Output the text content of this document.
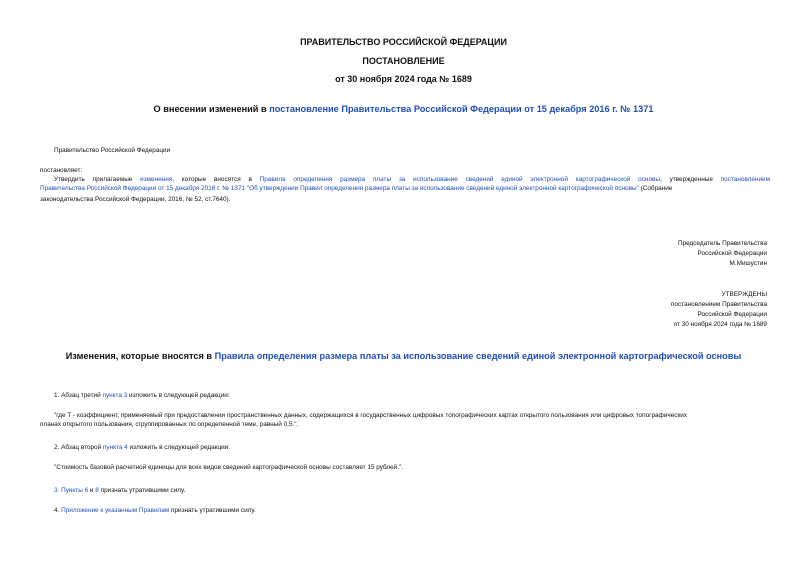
ПРАВИТЕЛЬСТВО РОССИЙСКОЙ ФЕДЕРАЦИИ
ПОСТАНОВЛЕНИЕ
от 30 ноября 2024 года № 1689
О внесении изменений в постановление Правительства Российской Федерации от 15 декабря 2016 г. № 1371
Правительство Российской Федерации
постановляет:
Утвердить прилагаемые изменения, которые вносятся в Правила определения размера платы за использование сведений единой электронной картографической основы, утвержденные постановлением
Правительства Российской Федерации от 15 декабря 2016 г. № 1371 "Об утверждении Правил определения размера платы за использование сведений единой электронной картографической основы" (Собрание
законодательства Российской Федерации, 2016, № 52, ст.7640).
Председатель Правительства
Российской Федерации
М.Мишустин
УТВЕРЖДЕНЫ
постановлением Правительства
Российской Федерации
от 30 ноября 2024 года № 1689
Изменения, которые вносятся в Правила определения размера платы за использование сведений единой электронной картографической основы
1. Абзац третий пункта 3 изложить в следующей редакции:
"где Т - коэффициент, применяемый при предоставлении пространственных данных, содержащихся в государственных цифровых топографических картах открытого пользования или цифровых топографических
планах открытого пользования, сгруппированных по определенной теме, равный 0,5.".
2. Абзац второй пункта 4 изложить в следующей редакции:
"Стоимость базовой расчетной единицы для всех видов сведений картографической основы составляет 15 рублей.".
3. Пункты 6 и 8 признать утратившими силу.
4. Приложение к указанным Правилам признать утратившими силу.
